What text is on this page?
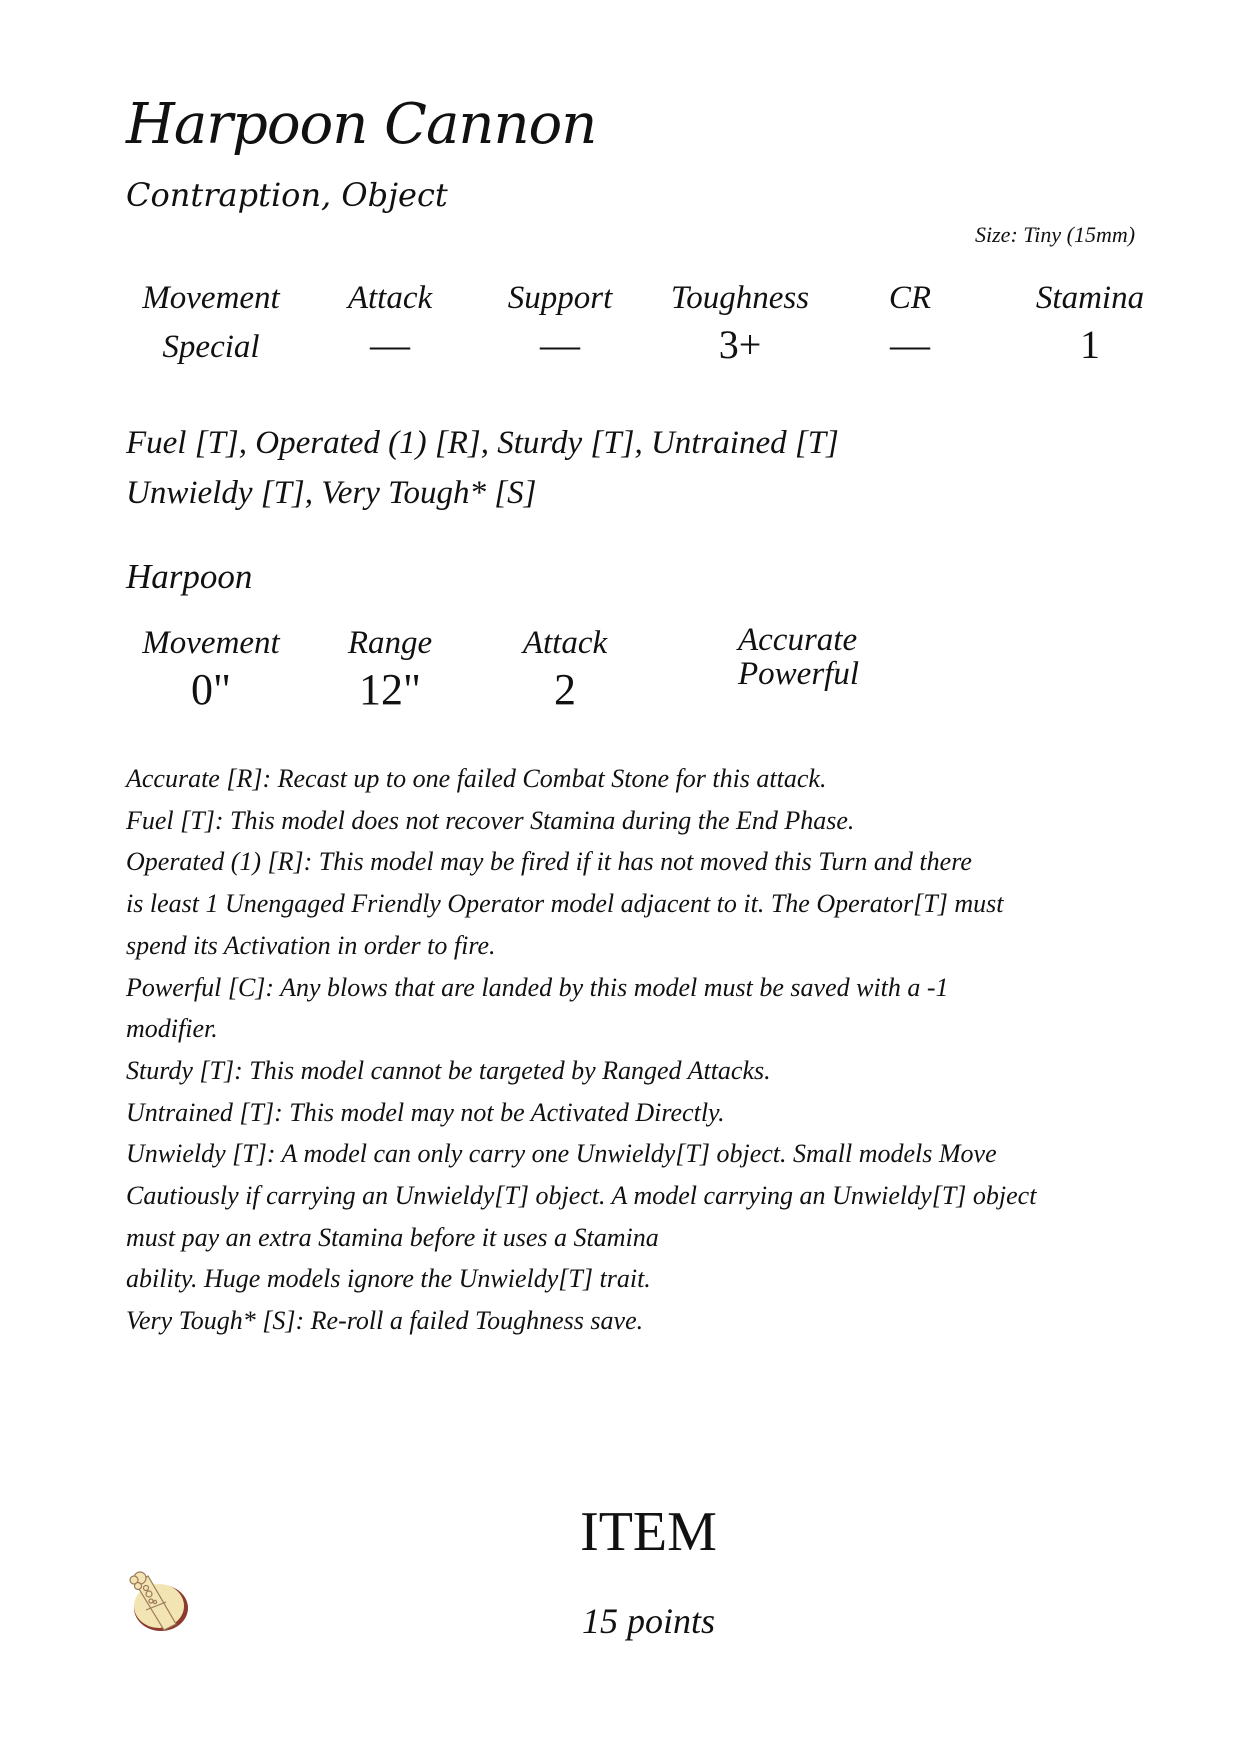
Harpoon Cannon
Contraption, Object
Size: Tiny (15mm)
Movement
Special
Attack
—
Support
—
Toughness
3+
CR
—
Stamina
1
Fuel [T], Operated (1) [R], Sturdy [T], Untrained [T]
Unwieldy [T], Very Tough* [S]
Harpoon
Movement
0"
Range
12"
Attack
2
Accurate
Powerful
Accurate [R]: Recast up to one failed Combat Stone for this attack.
Fuel [T]: This model does not recover Stamina during the End Phase.
Operated (1) [R]: This model may be fired if it has not moved this Turn and there
is least 1 Unengaged Friendly Operator model adjacent to it. The Operator[T] must
spend its Activation in order to fire.
Powerful [C]: Any blows that are landed by this model must be saved with a -1
modifier.
Sturdy [T]: This model cannot be targeted by Ranged Attacks.
Untrained [T]: This model may not be Activated Directly.
Unwieldy [T]: A model can only carry one Unwieldy[T] object. Small models Move
Cautiously if carrying an Unwieldy[T] object. A model carrying an Unwieldy[T] object
must pay an extra Stamina before it uses a Stamina
ability. Huge models ignore the Unwieldy[T] trait.
Very Tough* [S]: Re-roll a failed Toughness save.
ITEM
15 points
